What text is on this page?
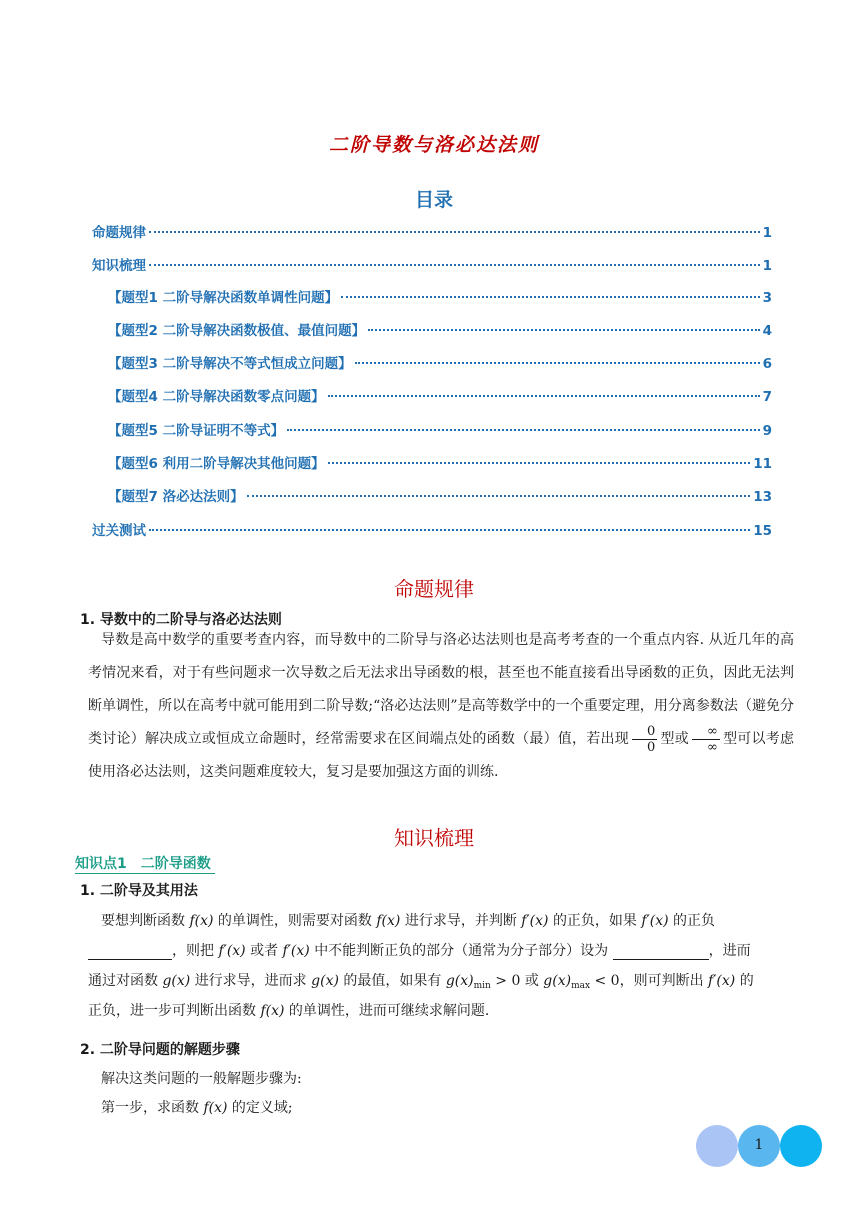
二阶导数与洛必达法则
目录
命题规律	1
知识梳理	1
【题型1 二阶导解决函数单调性问题】	3
【题型2 二阶导解决函数极值、最值问题】	4
【题型3 二阶导解决不等式恒成立问题】	6
【题型4 二阶导解决函数零点问题】	7
【题型5 二阶导证明不等式】	9
【题型6 利用二阶导解决其他问题】	11
【题型7 洛必达法则】	13
过关测试	15
命题规律
1. 导数中的二阶导与洛必达法则
导数是高中数学的重要考查内容，而导数中的二阶导与洛必达法则也是高考考查的一个重点内容. 从近几年的高考情况来看，对于有些问题求一次导数之后无法求出导函数的根，甚至也不能直接看出导函数的正负，因此无法判断单调性，所以在高考中就可能用到二阶导数;“洛必达法则”是高等数学中的一个重要定理，用分离参数法（避免分类讨论）解决成立或恒成立命题时，经常需要求在区间端点处的函数（最）值，若出现 $\frac{0}{0}$ 型或 $\frac{\infty}{\infty}$ 型可以考虑使用洛必达法则，这类问题难度较大，复习是要加强这方面的训练.
知识梳理
知识点1　二阶导函数
1. 二阶导及其用法
要想判断函数 f(x) 的单调性，则需要对函数 f(x) 进行求导，并判断 f′(x) 的正负，如果 f′(x) 的正负
，则把 f′(x) 或者 f′(x) 中不能判断正负的部分（通常为分子部分）设为	，进而
通过对函数 g(x) 进行求导，进而求 g(x) 的最值，如果有 $g(x)_{min} > 0$ 或 $g(x)_{max} < 0$，则可判断出 f′(x) 的
正负，进一步可判断出函数 f(x) 的单调性，进而可继续求解问题.
2. 二阶导问题的解题步骤
解决这类问题的一般解题步骤为:
第一步，求函数 f(x) 的定义域;
1
